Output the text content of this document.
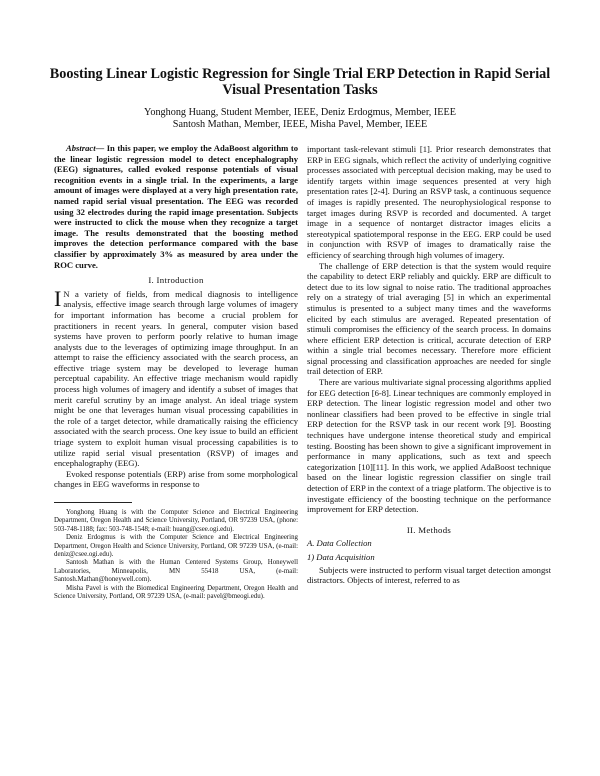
Boosting Linear Logistic Regression for Single Trial ERP Detection in Rapid Serial Visual Presentation Tasks
Yonghong Huang, Student Member, IEEE, Deniz Erdogmus, Member, IEEE
Santosh Mathan, Member, IEEE, Misha Pavel, Member, IEEE

Abstract— In this paper, we employ the AdaBoost algorithm to the linear logistic regression model to detect encephalography (EEG) signatures, called evoked response potentials of visual recognition events in a single trial. In the experiments, a large amount of images were displayed at a very high presentation rate, named rapid serial visual presentation. The EEG was recorded using 32 electrodes during the rapid image presentation. Subjects were instructed to click the mouse when they recognize a target image. The results demonstrated that the boosting method improves the detection performance compared with the base classifier by approximately 3% as measured by area under the ROC curve.

I. Introduction

I N a variety of fields, from medical diagnosis to intelligence analysis, effective image search through large volumes of imagery for important information has become a crucial problem for practitioners in recent years. In general, computer vision based systems have proven to perform poorly relative to human image analysts due to the leverages of optimizing image throughput. In an attempt to raise the efficiency associated with the search process, an effective triage system may be developed to leverage human perceptual capability. An effective triage mechanism would rapidly process high volumes of imagery and identify a subset of images that merit careful scrutiny by an image analyst. An ideal triage system might be one that leverages human visual processing capabilities in the role of a target detector, while dramatically raising the efficiency associated with the search process. One key issue to build an efficient triage system to exploit human visual processing capabilities is to utilize rapid serial visual presentation (RSVP) of images and encephalography (EEG).

Evoked response potentials (ERP) arise from some morphological changes in EEG waveforms in response to

Yonghong Huang is with the Computer Science and Electrical Engineering Department, Oregon Health and Science University, Portland, OR 97239 USA, (phone: 503-748-1188; fax: 503-748-1548; e-mail: huang@csee.ogi.edu).

Deniz Erdogmus is with the Computer Science and Electrical Engineering Department, Oregon Health and Science University, Portland, OR 97239 USA, (e-mail: deniz@csee.ogi.edu).

Santosh Mathan is with the Human Centered Systems Group, Honeywell Laboratories, Minneapolis, MN 55418 USA, (e-mail: Santosh.Mathan@honeywell.com).

Misha Pavel is with the Biomedical Engineering Department, Oregon Health and Science University, Portland, OR 97239 USA, (e-mail: pavel@bmeogi.edu).

important task-relevant stimuli [1]. Prior research demonstrates that ERP in EEG signals, which reflect the activity of underlying cognitive processes associated with perceptual decision making, may be used to identify targets within image sequences presented at very high presentation rates [2-4]. During an RSVP task, a continuous sequence of images is rapidly presented. The neurophysiological response to target images during RSVP is recorded and documented. A target image in a sequence of nontarget distractor images elicits a stereotypical spatiotemporal response in the EEG. ERP could be used in conjunction with RSVP of images to dramatically raise the efficiency of searching through high volumes of imagery.

The challenge of ERP detection is that the system would require the capability to detect ERP reliably and quickly. ERP are difficult to detect due to its low signal to noise ratio. The traditional approaches rely on a strategy of trial averaging [5] in which an experimental stimulus is presented to a subject many times and the waveforms elicited by each stimulus are averaged. Repeated presentation of stimuli compromises the efficiency of the search process. In domains where efficient ERP detection is critical, accurate detection of ERP within a single trial becomes necessary. Therefore more efficient signal processing and classification approaches are needed for single trail detection of ERP.

There are various multivariate signal processing algorithms applied for EEG detection [6-8]. Linear techniques are commonly employed in ERP detection. The linear logistic regression model and other two nonlinear classifiers had been proved to be effective in single trial ERP detection for the RSVP task in our recent work [9]. Boosting techniques have undergone intense theoretical study and empirical testing. Boosting has been shown to give a significant improvement in performance in many applications, such as text and speech categorization [10][11]. In this work, we applied AdaBoost technique based on the linear logistic regression classifier on single trail detection of ERP in the context of a triage platform. The objective is to investigate efficiency of the boosting technique on the performance improvement for ERP detection.

II. Methods
A. Data Collection
1) Data Acquisition

Subjects were instructed to perform visual target detection amongst distractors. Objects of interest, referred to as
